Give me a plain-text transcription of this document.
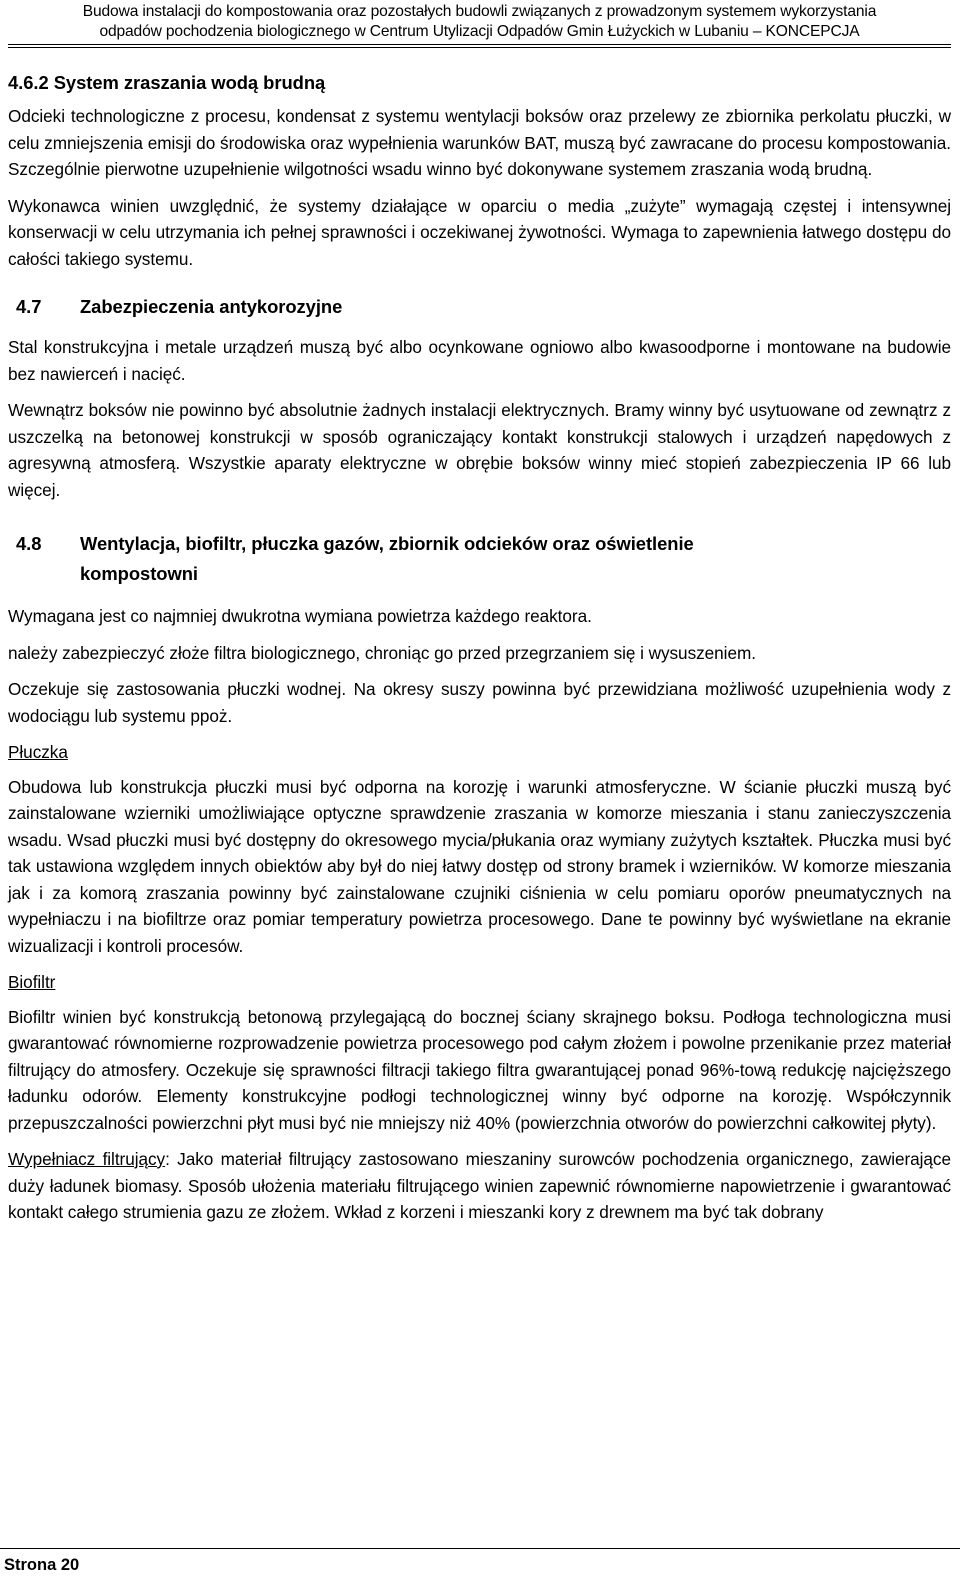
Budowa instalacji do kompostowania oraz pozostałych budowli związanych z prowadzonym systemem wykorzystania
odpadów pochodzenia biologicznego w Centrum Utylizacji Odpadów Gmin Łużyckich w Lubaniu – KONCEPCJA
4.6.2 System zraszania wodą brudną

Odcieki technologiczne z procesu, kondensat z systemu wentylacji boksów oraz przelewy ze zbiornika perkolatu płuczki, w celu zmniejszenia emisji do środowiska oraz wypełnienia warunków BAT, muszą być zawracane do procesu kompostowania. Szczególnie pierwotne uzupełnienie wilgotności wsadu winno być dokonywane systemem zraszania wodą brudną.

Wykonawca winien uwzględnić, że systemy działające w oparciu o media „zużyte” wymagają częstej i intensywnej konserwacji w celu utrzymania ich pełnej sprawności i oczekiwanej żywotności. Wymaga to zapewnienia łatwego dostępu do całości takiego systemu.

4.7 Zabezpieczenia antykorozyjne

Stal konstrukcyjna i metale urządzeń muszą być albo ocynkowane ogniowo albo kwasoodporne i montowane na budowie bez nawierceń i nacięć.

Wewnątrz boksów nie powinno być absolutnie żadnych instalacji elektrycznych. Bramy winny być usytuowane od zewnątrz z uszczelką na betonowej konstrukcji w sposób ograniczający kontakt konstrukcji stalowych i urządzeń napędowych z agresywną atmosferą. Wszystkie aparaty elektryczne w obrębie boksów winny mieć stopień zabezpieczenia IP 66 lub więcej.

4.8 Wentylacja, biofiltr, płuczka gazów, zbiornik odcieków oraz oświetlenie
kompostowni

Wymagana jest co najmniej dwukrotna wymiana powietrza każdego reaktora.

należy zabezpieczyć złoże filtra biologicznego, chroniąc go przed przegrzaniem się i wysuszeniem.

Oczekuje się zastosowania płuczki wodnej. Na okresy suszy powinna być przewidziana możliwość uzupełnienia wody z wodociągu lub systemu ppoż.

Płuczka

Obudowa lub konstrukcja płuczki musi być odporna na korozję i warunki atmosferyczne. W ścianie płuczki muszą być zainstalowane wzierniki umożliwiające optyczne sprawdzenie zraszania w komorze mieszania i stanu zanieczyszczenia wsadu. Wsad płuczki musi być dostępny do okresowego mycia/płukania oraz wymiany zużytych kształtek. Płuczka musi być tak ustawiona względem innych obiektów aby był do niej łatwy dostęp od strony bramek i wzierników. W komorze mieszania jak i za komorą zraszania powinny być zainstalowane czujniki ciśnienia w celu pomiaru oporów pneumatycznych na wypełniaczu i na biofiltrze oraz pomiar temperatury powietrza procesowego. Dane te powinny być wyświetlane na ekranie wizualizacji i kontroli procesów.

Biofiltr

Biofiltr winien być konstrukcją betonową przylegającą do bocznej ściany skrajnego boksu. Podłoga technologiczna musi gwarantować równomierne rozprowadzenie powietrza procesowego pod całym złożem i powolne przenikanie przez materiał filtrujący do atmosfery. Oczekuje się sprawności filtracji takiego filtra gwarantującej ponad 96%-tową redukcję najcięższego ładunku odorów. Elementy konstrukcyjne podłogi technologicznej winny być odporne na korozję. Współczynnik przepuszczalności powierzchni płyt musi być nie mniejszy niż 40% (powierzchnia otworów do powierzchni całkowitej płyty).

Wypełniacz filtrujący: Jako materiał filtrujący zastosowano mieszaniny surowców pochodzenia organicznego, zawierające duży ładunek biomasy. Sposób ułożenia materiału filtrującego winien zapewnić równomierne napowietrzenie i gwarantować kontakt całego strumienia gazu ze złożem. Wkład z korzeni i mieszanki kory z drewnem ma być tak dobrany

Strona 20
